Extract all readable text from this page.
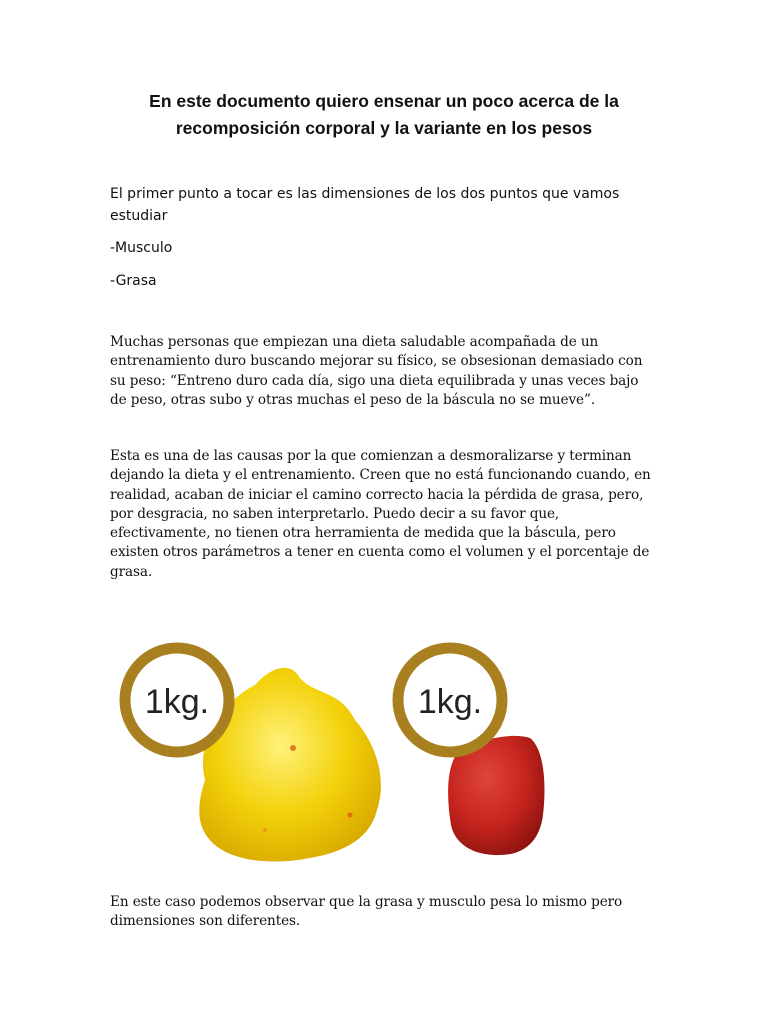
En este documento quiero ensenar un poco acerca de la recomposición corporal y la variante en los pesos

El primer punto a tocar es las dimensiones de los dos puntos que vamos estudiar

-Musculo

-Grasa

Muchas personas que empiezan una dieta saludable acompañada de un entrenamiento duro buscando mejorar su físico, se obsesionan demasiado con su peso: “Entreno duro cada día, sigo una dieta equilibrada y unas veces bajo de peso, otras subo y otras muchas el peso de la báscula no se mueve”.

Esta es una de las causas por la que comienzan a desmoralizarse y terminan dejando la dieta y el entrenamiento. Creen que no está funcionando cuando, en realidad, acaban de iniciar el camino correcto hacia la pérdida de grasa, pero, por desgracia, no saben interpretarlo. Puedo decir a su favor que, efectivamente, no tienen otra herramienta de medida que la báscula, pero existen otros parámetros a tener en cuenta como el volumen y el porcentaje de grasa.

1kg.	1kg.

En este caso podemos observar que la grasa y musculo pesa lo mismo pero dimensiones son diferentes.
